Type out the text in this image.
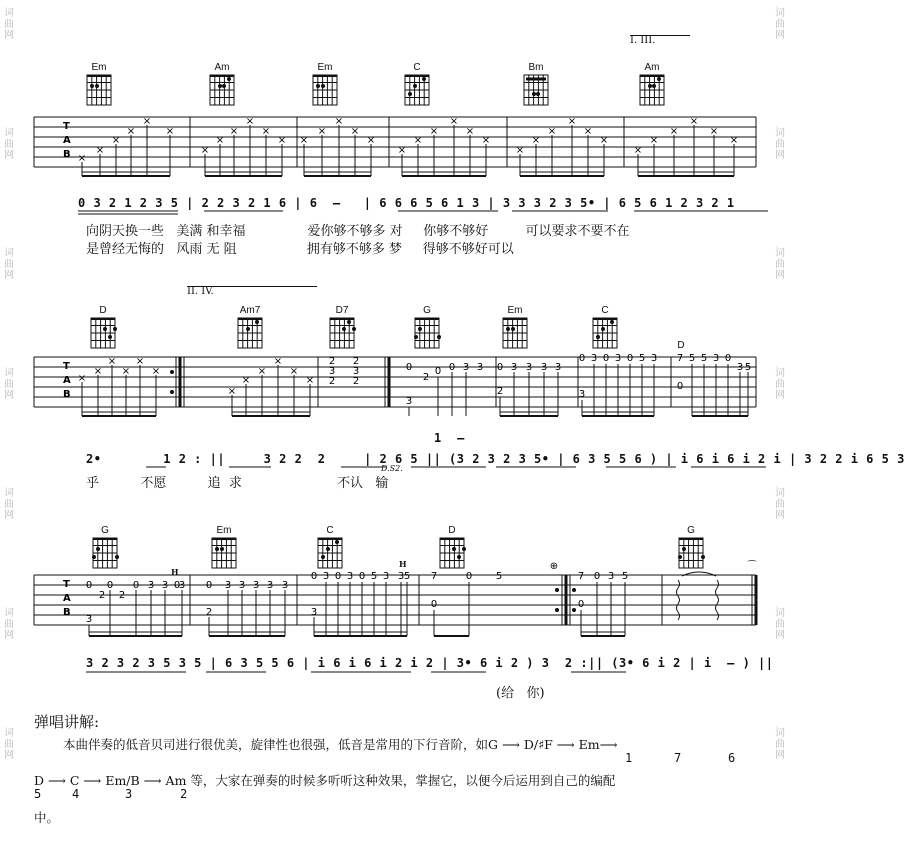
词曲网
词曲网
词曲网
词曲网
词曲网
词曲网
词曲网
词曲网
词曲网
词曲网
词曲网
词曲网
词曲网
词曲网
I. III.
II. IV.
Em	Am	Em	C	Bm	Am
T
A
B ×
×
×
×
×
×
×
×
×
×
×
× ×
×
×
×
×
×
×
×
×
×
×
×
×
×
×
×
×
×
×
×
×
×
×
0 3 2 1 2 3 5 | 2 2 3 2 1 6 | 6  –   | 6 6 6 5 6 1 3 | 3 3 3 2 3 5• | 6 5 6 1 2 3 2 1
向阴天换一些   美满 和幸福               爱你够不够多 对     你够不够好         可以要求不要不在
是曾经无悔的   风雨 无 阻                 拥有够不够多 梦     得够不够好可以
D	Am7	D7	G	Em	C
D
T
A
B
×
×
×
×
×
×
×
×
×
×
×
×
2
3
2
2
3
2
0
3
2
0 0 3 3 0
2
3 3 3 3
0
3
3 0 3 0 5 3 7
0
5 5 3 0
3 5
1  –
2•        1 2 : ||     3 2 2  2     | 2 6 5 || (3 2 3 2 3 5• | 6 3 5 5 6 ) | i 6 i 6 i 2 i | 3 2 2 i 6 5 3
乎          不愿          追  求                       不认   输
D.S2.
G	Em	C	D	G
H
H
T
A
B
0
3
2
0
2
0 3 3 0
3 0
2
3 3 3 3 3
0
3
3 0 3 0 5 3 3 5 7
0
0 5	7
0
0 3 5
⊕	⌒
3 2 3 2 3 5 3 5 | 6 3 5 5 6 | i 6 i 6 i 2 i 2 | 3• 6 i 2 ) 3  2 :|| (3• 6 i 2 | i  – ) ||
(给   你)
弹唱讲解:
本曲伴奏的低音贝司进行很优美，旋律性也很强，低音是常用的下行音阶，如G ⟶ D/♯F ⟶ Em⟶
1	7	6
D ⟶ C ⟶ Em/B ⟶ Am 等，大家在弹奏的时候多听听这种效果，掌握它，以便今后运用到自己的编配
5	4	3	2
中。
